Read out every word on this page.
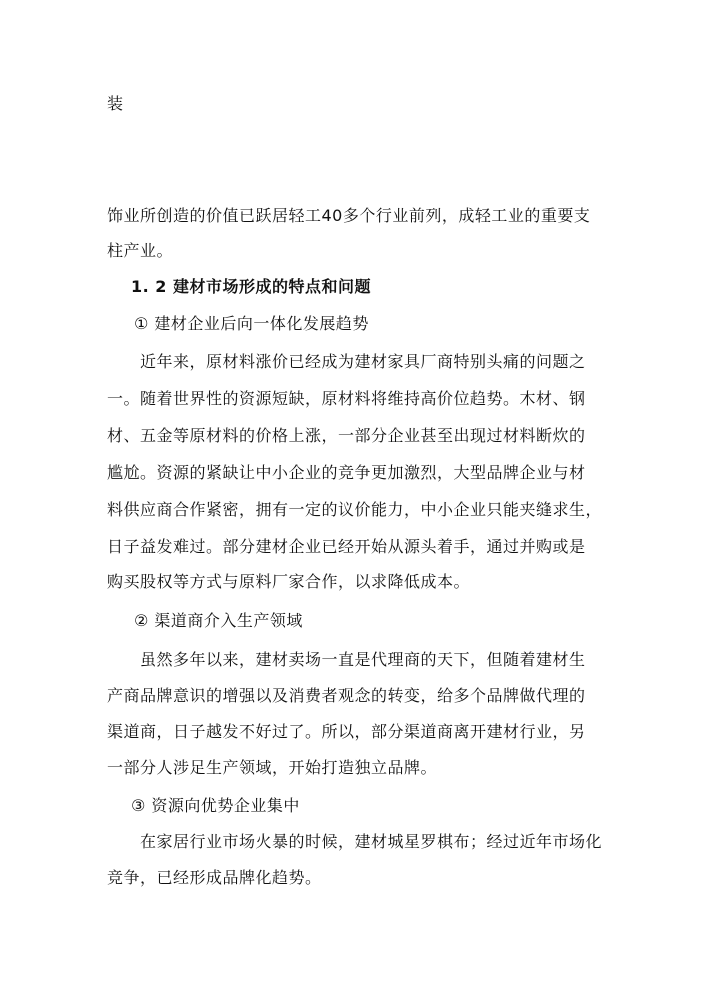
装
饰业所创造的价值已跃居轻工40多个行业前列，成轻工业的重要支
柱产业。
1. 2 建材市场形成的特点和问题
① 建材企业后向一体化发展趋势
近年来，原材料涨价已经成为建材家具厂商特别头痛的问题之
一。随着世界性的资源短缺，原材料将维持高价位趋势。木材、钢
材、五金等原材料的价格上涨，一部分企业甚至出现过材料断炊的
尴尬。资源的紧缺让中小企业的竞争更加激烈，大型品牌企业与材
料供应商合作紧密，拥有一定的议价能力，中小企业只能夹缝求生，
日子益发难过。部分建材企业已经开始从源头着手，通过并购或是
购买股权等方式与原料厂家合作，以求降低成本。
② 渠道商介入生产领域
虽然多年以来，建材卖场一直是代理商的天下，但随着建材生
产商品牌意识的增强以及消费者观念的转变，给多个品牌做代理的
渠道商，日子越发不好过了。所以，部分渠道商离开建材行业，另
一部分人涉足生产领域，开始打造独立品牌。
③ 资源向优势企业集中
在家居行业市场火暴的时候，建材城星罗棋布；经过近年市场化
竞争，已经形成品牌化趋势。
